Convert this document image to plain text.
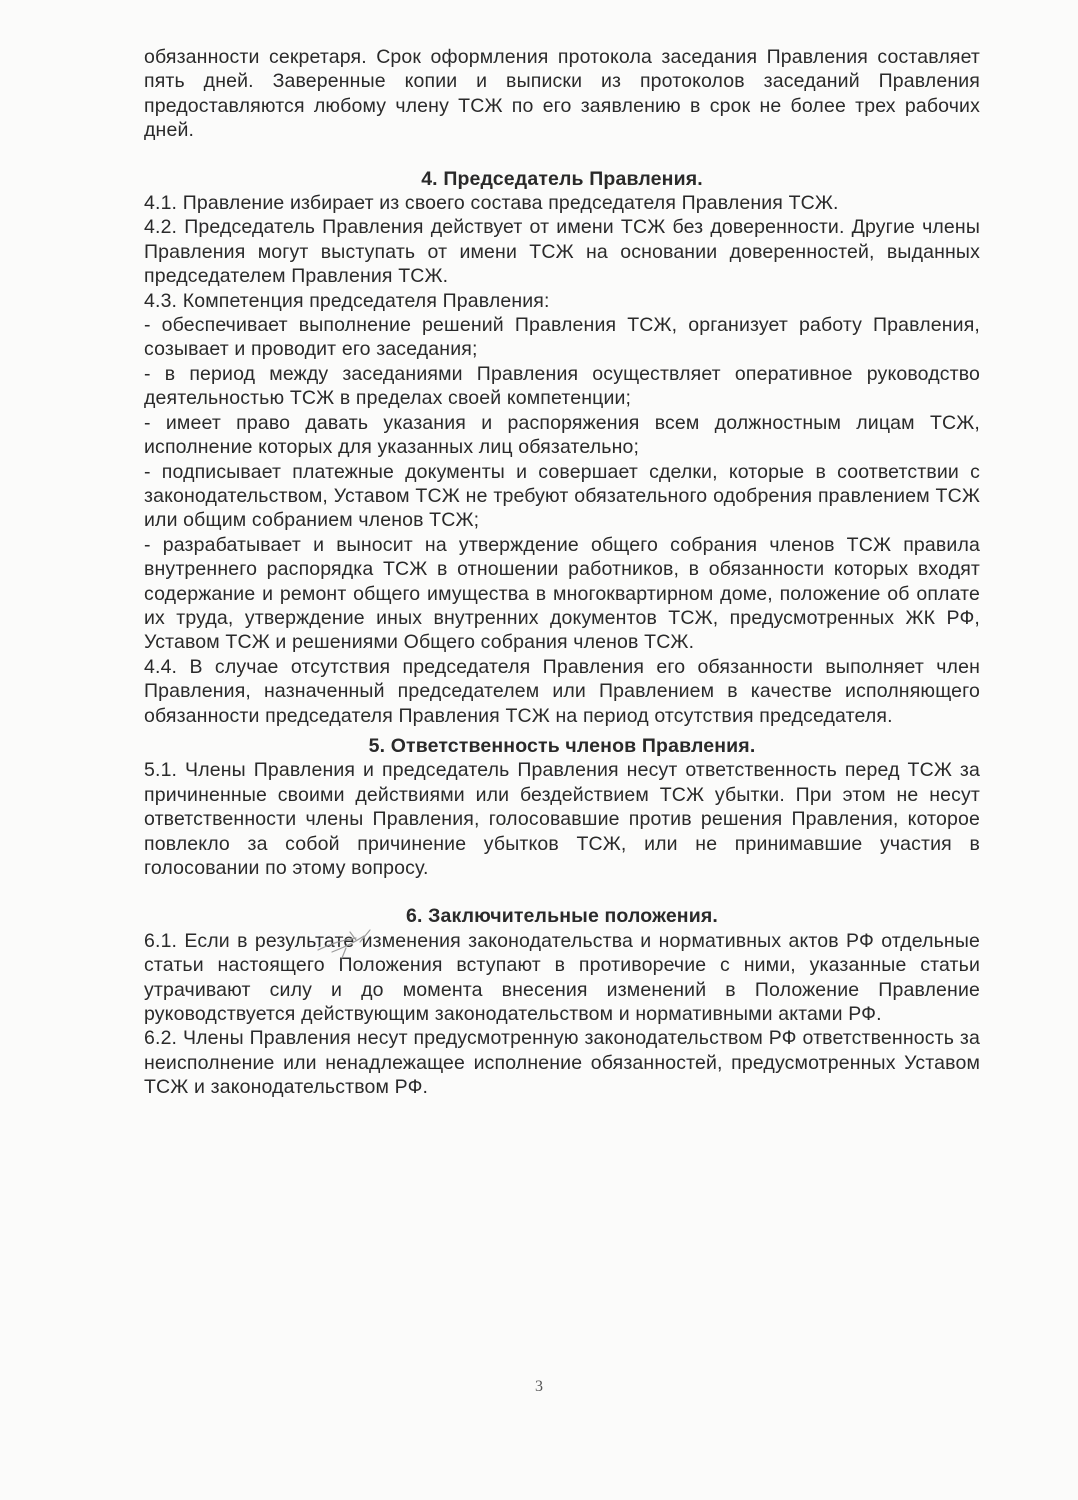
обязанности секретаря. Срок оформления протокола заседания Правления составляет пять дней. Заверенные копии и выписки из протоколов заседаний Правления предоставляются любому члену ТСЖ по его заявлению в срок не более трех рабочих дней.

4. Председатель Правления.

4.1. Правление избирает из своего состава председателя Правления ТСЖ.

4.2. Председатель Правления действует от имени ТСЖ без доверенности. Другие члены Правления могут выступать от имени ТСЖ на основании доверенностей, выданных председателем Правления ТСЖ.

4.3. Компетенция председателя Правления:

- обеспечивает выполнение решений Правления ТСЖ, организует работу Правления, созывает и проводит его заседания;

- в период между заседаниями Правления осуществляет оперативное руководство деятельностью ТСЖ в пределах своей компетенции;

- имеет право давать указания и распоряжения всем должностным лицам ТСЖ, исполнение которых для указанных лиц обязательно;

- подписывает платежные документы и совершает сделки, которые в соответствии с законодательством, Уставом ТСЖ не требуют обязательного одобрения правлением ТСЖ или общим собранием членов ТСЖ;

- разрабатывает и выносит на утверждение общего собрания членов ТСЖ правила внутреннего распорядка ТСЖ в отношении работников, в обязанности которых входят содержание и ремонт общего имущества в многоквартирном доме, положение об оплате их труда, утверждение иных внутренних документов ТСЖ, предусмотренных ЖК РФ, Уставом ТСЖ и решениями Общего собрания членов ТСЖ.

4.4. В случае отсутствия председателя Правления его обязанности выполняет член Правления, назначенный председателем или Правлением в качестве исполняющего обязанности председателя Правления ТСЖ на период отсутствия председателя.

5. Ответственность членов Правления.

5.1. Члены Правления и председатель Правления несут ответственность перед ТСЖ за причиненные своими действиями или бездействием ТСЖ убытки. При этом не несут ответственности члены Правления, голосовавшие против решения Правления, которое повлекло за собой причинение убытков ТСЖ, или не принимавшие участия в голосовании по этому вопросу.

6. Заключительные положения.

6.1. Если в результате изменения законодательства и нормативных актов РФ отдельные статьи настоящего Положения вступают в противоречие с ними, указанные статьи утрачивают силу и до момента внесения изменений в Положение Правление руководствуется действующим законодательством и нормативными актами РФ.

6.2. Члены Правления несут предусмотренную законодательством РФ ответственность за неисполнение или ненадлежащее исполнение обязанностей, предусмотренных Уставом ТСЖ и законодательством РФ.

3
